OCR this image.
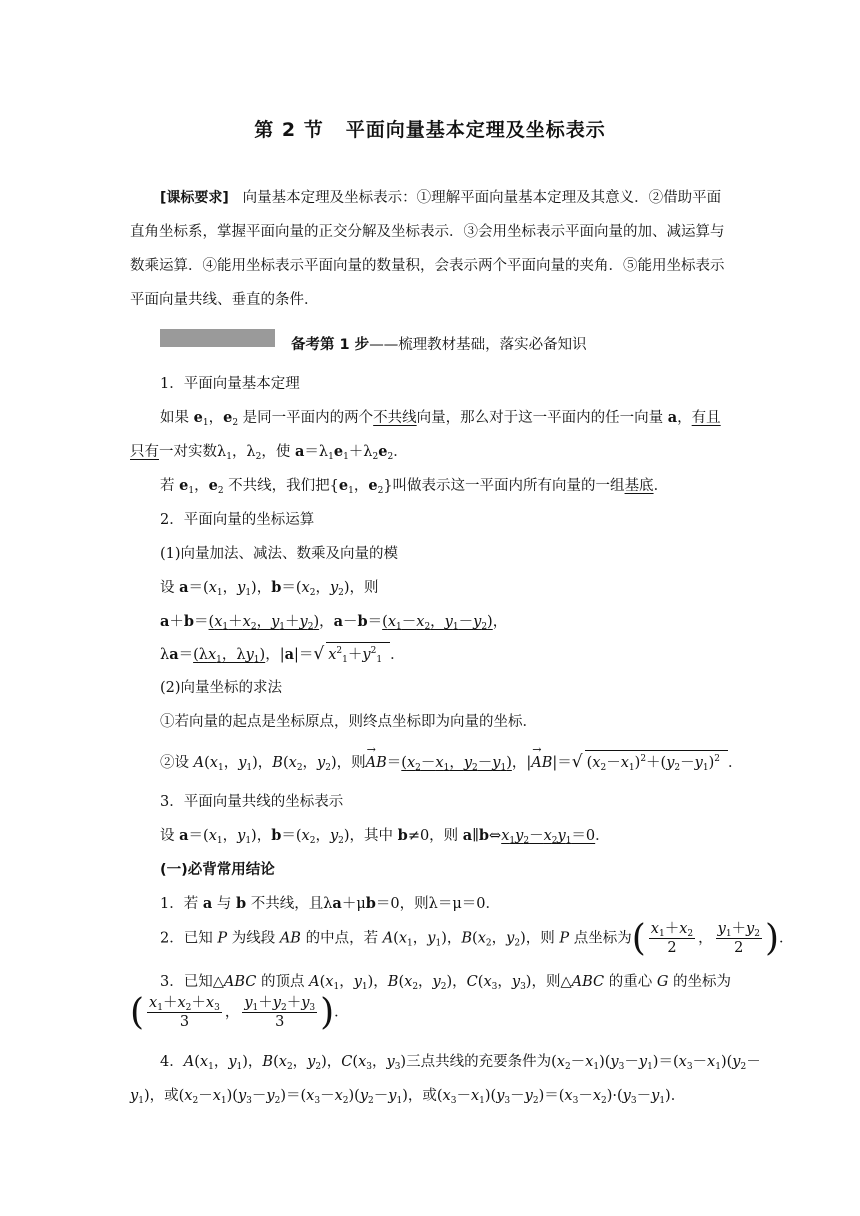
第 2 节 平面向量基本定理及坐标表示

[课标要求] 向量基本定理及坐标表示：①理解平面向量基本定理及其意义．②借助平面直角坐标系，掌握平面向量的正交分解及坐标表示．③会用坐标表示平面向量的加、减运算与数乘运算．④能用坐标表示平面向量的数量积，会表示两个平面向量的夹角．⑤能用坐标表示平面向量共线、垂直的条件．

备考第 1 步——梳理教材基础，落实必备知识
1．平面向量基本定理
如果 $e_1$，$e_2$ 是同一平面内的两个不共线向量，那么对于这一平面内的任一向量 a，有且
只有一对实数$\lambda_1$，$\lambda_2$，使 $a=\lambda_1e_1+\lambda_2e_2$．
若 $e_1$，$e_2$ 不共线，我们把{$e_1$，$e_2$}叫做表示这一平面内所有向量的一组基底．
2．平面向量的坐标运算
(1)向量加法、减法、数乘及向量的模
设 $a=(x_1$，$y_1$)，$b=(x_2$，$y_2$)，则
$a+b=(x_1+x_2$，$y_1+y_2$)，$a-b=(x_1-x_2$，$y_1-y_2$)，
$\lambda a=(\lambda x_1$，$\lambda y_1$)，|a|＝√ $x^2_1+y^2_1$ ．
(2)向量坐标的求法
①若向量的起点是坐标原点，则终点坐标即为向量的坐标．
②设 $A(x_1$，$y_1$)，$B(x_2$，$y_2$)，则→ $AB=(x_2-x_1$，$y_2-y_1$)，|→ AB|＝√ $(x_2-x_1)^2+(y_2-y_1)^2$ ．
3．平面向量共线的坐标表示
设 $a=(x_1$，$y_1$)，$b=(x_2$，$y_2$)，其中 b≠0，则 $a\parallel b\Leftrightarrow x_1y_2-x_2y_1=0$．
(一)必背常用结论
1．若 a 与 b 不共线，且λa＋μb＝0，则λ＝μ＝0．
2．已知 P 为线段 AB 的中点，若 $A(x_1$，$y_1$)，$B(x_2$，$y_2$)，则 P 点坐标为( $\frac{x_1+x_2}{2}$ ， $\frac{y_1+y_2}{2}$ )．
3．已知△ABC 的顶点 $A(x_1$，$y_1$)，$B(x_2$，$y_2$)，$C(x_3$，$y_3$)，则△ABC 的重心 G 的坐标为
( $\frac{x_1+x_2+x_3}{3}$ ， $\frac{y_1+y_2+y_3}{3}$ )．
4．$A(x_1$，$y_1$)，$B(x_2$，$y_2$)，$C(x_3$，$y_3$)三点共线的充要条件为$(x_2-x_1)(y_3-y_1)=(x_3-x_1)(y_2-$
$y_1$)，或$(x_2-x_1)(y_3-y_2)=(x_3-x_2)(y_2-y_1)$，或$(x_3-x_1)(y_3-y_2)=(x_3-x_2)\cdot(y_3-y_1)$．
